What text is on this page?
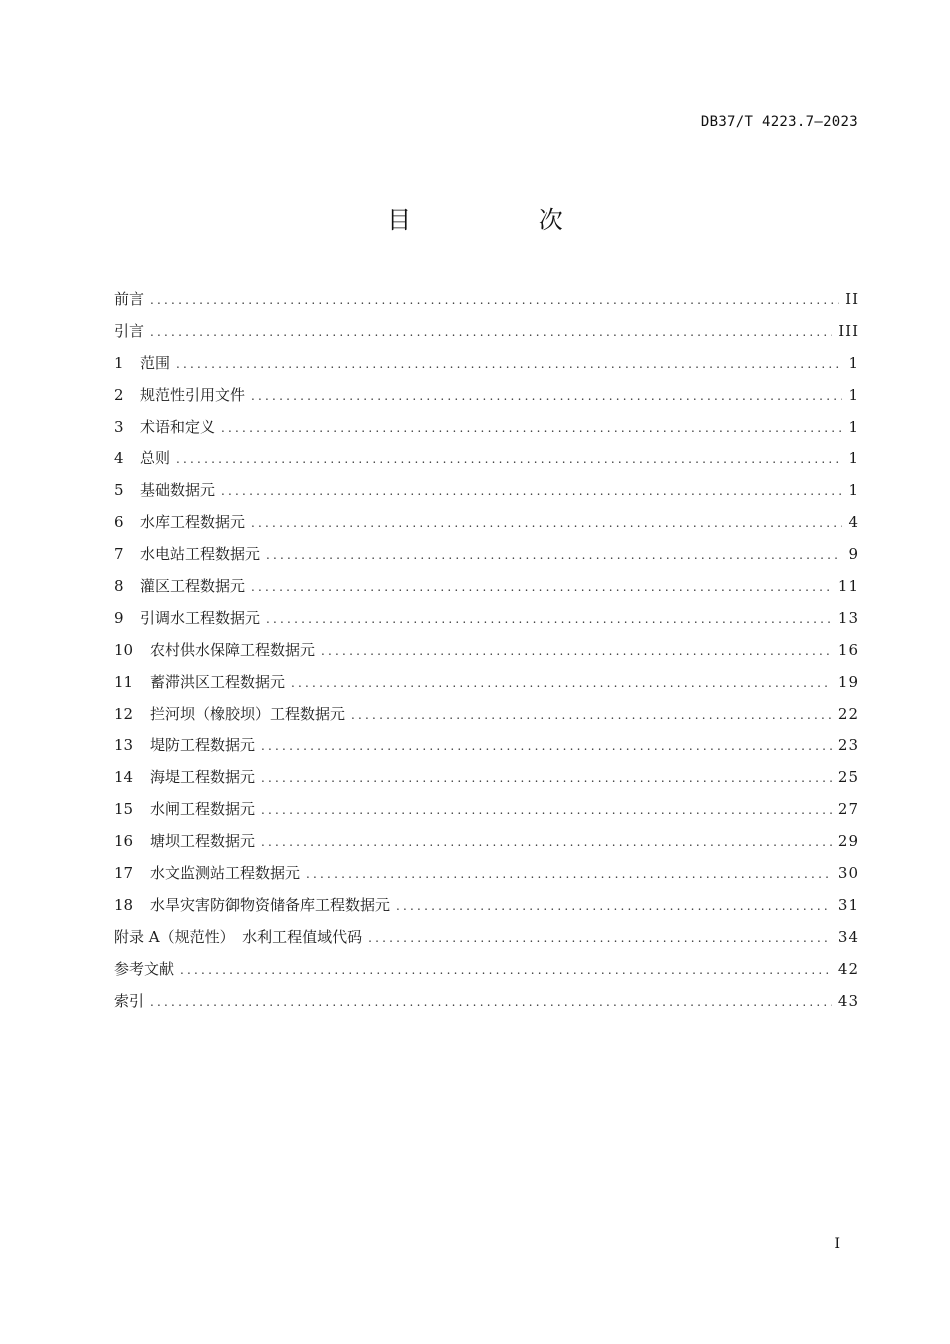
DB37/T 4223.7—2023
目 次
前言 .....	II
引言 .....	III
1	范围 .....	1
2	规范性引用文件 .....	1
3	术语和定义 .....	1
4	总则 .....	1
5	基础数据元 .....	1
6	水库工程数据元 .....	4
7	水电站工程数据元 .....	9
8	灌区工程数据元 .....	11
9	引调水工程数据元 .....	13
10	农村供水保障工程数据元 .....	16
11	蓄滞洪区工程数据元 .....	19
12	拦河坝（橡胶坝）工程数据元 .....	22
13	堤防工程数据元 .....	23
14	海堤工程数据元 .....	25
15	水闸工程数据元 .....	27
16	塘坝工程数据元 .....	29
17	水文监测站工程数据元 .....	30
18	水旱灾害防御物资储备库工程数据元 .....	31
附录 A（规范性）　水利工程值域代码 .....	34
参考文献 .....	42
索引 .....	43
I
